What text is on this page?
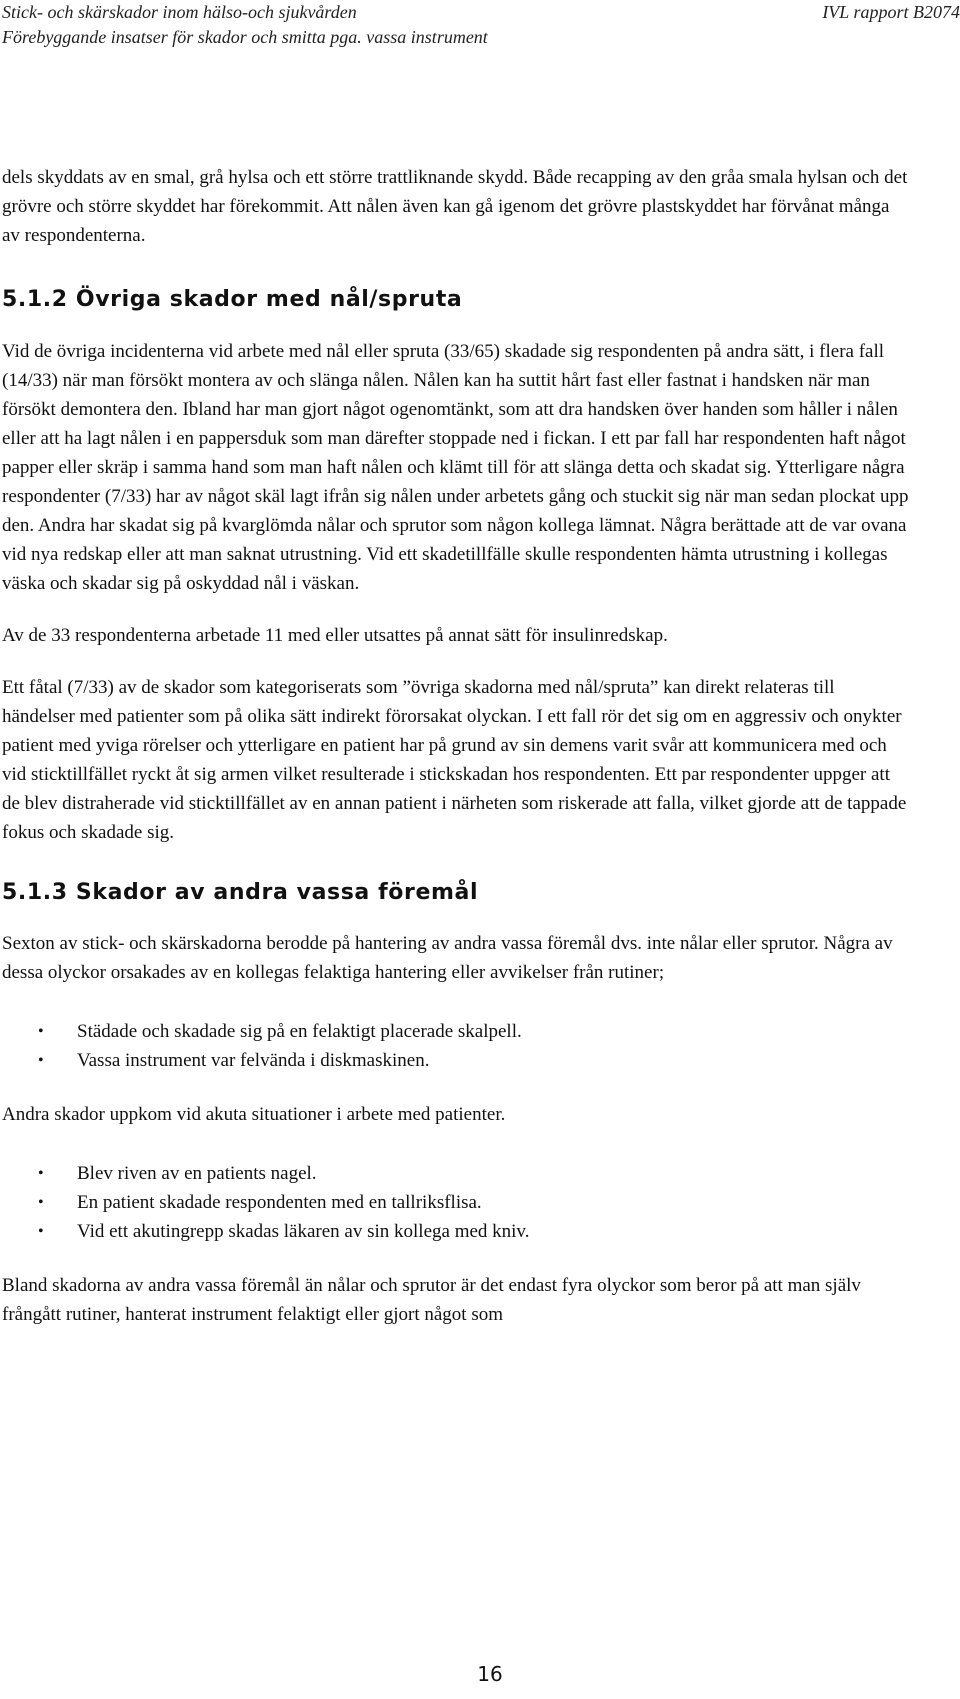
Stick- och skärskador inom hälso-och sjukvården
Förebyggande insatser för skador och smitta pga. vassa instrument
IVL rapport B2074

dels skyddats av en smal, grå hylsa och ett större trattliknande skydd. Både recapping av den gråa smala hylsan och det grövre och större skyddet har förekommit. Att nålen även kan gå igenom det grövre plastskyddet har förvånat många av respondenterna.

5.1.2 Övriga skador med nål/spruta

Vid de övriga incidenterna vid arbete med nål eller spruta (33/65) skadade sig respondenten på andra sätt, i flera fall (14/33) när man försökt montera av och slänga nålen. Nålen kan ha suttit hårt fast eller fastnat i handsken när man försökt demontera den. Ibland har man gjort något ogenomtänkt, som att dra handsken över handen som håller i nålen eller att ha lagt nålen i en pappersduk som man därefter stoppade ned i fickan. I ett par fall har respondenten haft något papper eller skräp i samma hand som man haft nålen och klämt till för att slänga detta och skadat sig. Ytterligare några respondenter (7/33) har av något skäl lagt ifrån sig nålen under arbetets gång och stuckit sig när man sedan plockat upp den. Andra har skadat sig på kvarglömda nålar och sprutor som någon kollega lämnat. Några berättade att de var ovana vid nya redskap eller att man saknat utrustning. Vid ett skadetillfälle skulle respondenten hämta utrustning i kollegas väska och skadar sig på oskyddad nål i väskan.

Av de 33 respondenterna arbetade 11 med eller utsattes på annat sätt för insulinredskap.

Ett fåtal (7/33) av de skador som kategoriserats som ”övriga skadorna med nål/spruta” kan direkt relateras till händelser med patienter som på olika sätt indirekt förorsakat olyckan. I ett fall rör det sig om en aggressiv och onykter patient med yviga rörelser och ytterligare en patient har på grund av sin demens varit svår att kommunicera med och vid sticktillfället ryckt åt sig armen vilket resulterade i stickskadan hos respondenten. Ett par respondenter uppger att de blev distraherade vid sticktillfället av en annan patient i närheten som riskerade att falla, vilket gjorde att de tappade fokus och skadade sig.

5.1.3 Skador av andra vassa föremål

Sexton av stick- och skärskadorna berodde på hantering av andra vassa föremål dvs. inte nålar eller sprutor. Några av dessa olyckor orsakades av en kollegas felaktiga hantering eller avvikelser från rutiner;

• Städade och skadade sig på en felaktigt placerade skalpell.
• Vassa instrument var felvända i diskmaskinen.

Andra skador uppkom vid akuta situationer i arbete med patienter.

• Blev riven av en patients nagel.
• En patient skadade respondenten med en tallriksflisa.
• Vid ett akutingrepp skadas läkaren av sin kollega med kniv.

Bland skadorna av andra vassa föremål än nålar och sprutor är det endast fyra olyckor som beror på att man själv frångått rutiner, hanterat instrument felaktigt eller gjort något som

16
